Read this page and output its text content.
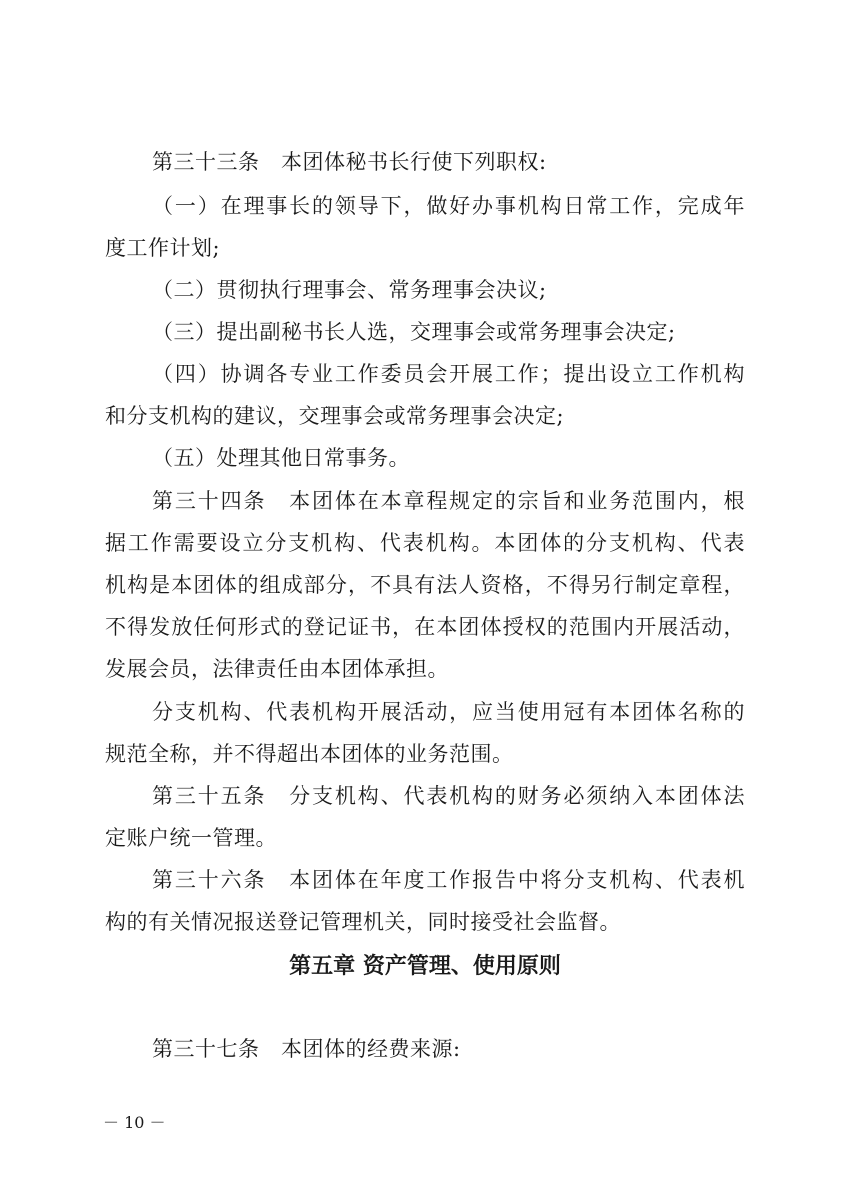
第三十三条　本团体秘书长行使下列职权:
（一）在理事长的领导下，做好办事机构日常工作，完成年
度工作计划;
（二）贯彻执行理事会、常务理事会决议;
（三）提出副秘书长人选，交理事会或常务理事会决定;
（四）协调各专业工作委员会开展工作；提出设立工作机构
和分支机构的建议，交理事会或常务理事会决定;
（五）处理其他日常事务。
第三十四条　本团体在本章程规定的宗旨和业务范围内，根
据工作需要设立分支机构、代表机构。本团体的分支机构、代表
机构是本团体的组成部分，不具有法人资格，不得另行制定章程，
不得发放任何形式的登记证书，在本团体授权的范围内开展活动，
发展会员，法律责任由本团体承担。
分支机构、代表机构开展活动，应当使用冠有本团体名称的
规范全称，并不得超出本团体的业务范围。
第三十五条　分支机构、代表机构的财务必须纳入本团体法
定账户统一管理。
第三十六条　本团体在年度工作报告中将分支机构、代表机
构的有关情况报送登记管理机关，同时接受社会监督。
第五章 资产管理、使用原则
第三十七条　本团体的经费来源:
－ 10 －
